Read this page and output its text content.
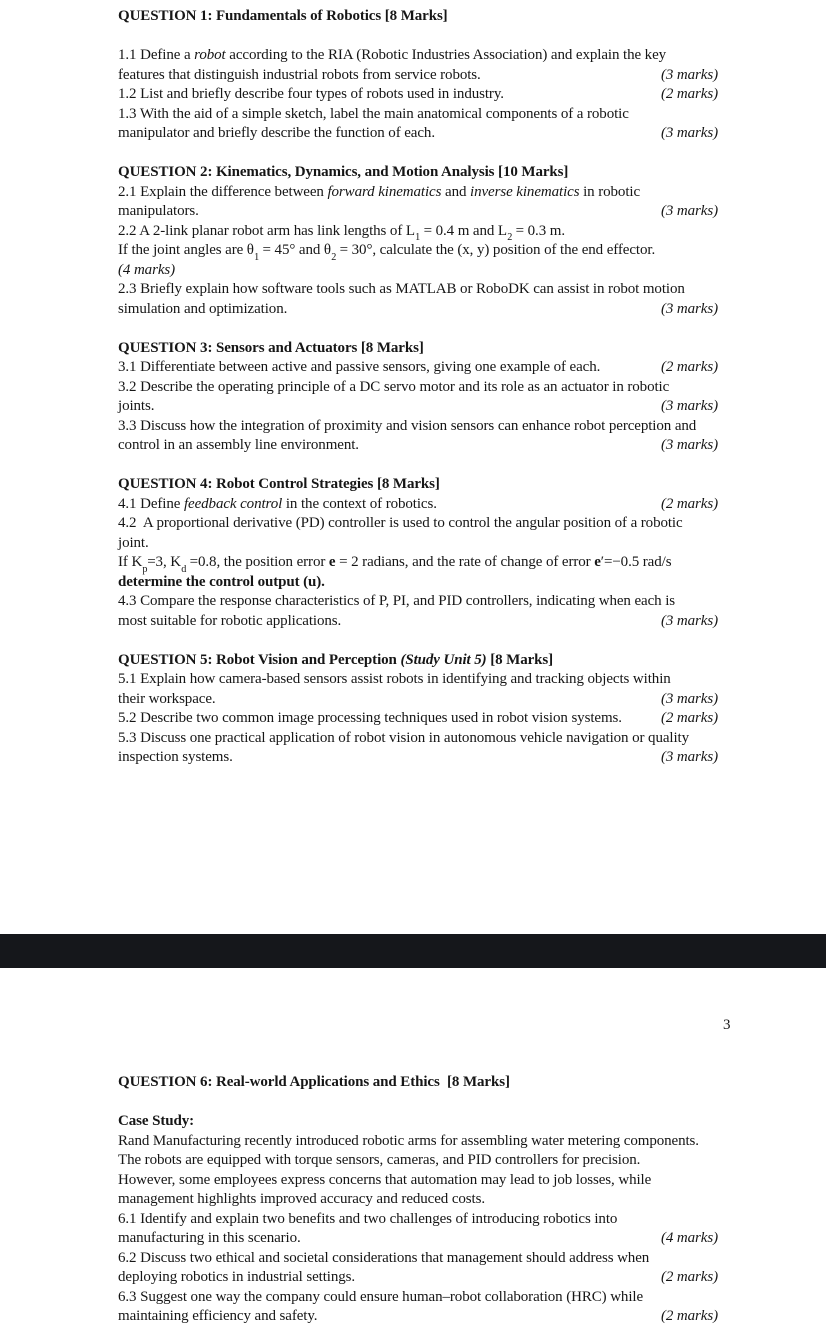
QUESTION 1: Fundamentals of Robotics [8 Marks]
1.1 Define a robot according to the RIA (Robotic Industries Association) and explain the key
features that distinguish industrial robots from service robots.	(3 marks)
1.2 List and briefly describe four types of robots used in industry.	(2 marks)
1.3 With the aid of a simple sketch, label the main anatomical components of a robotic
manipulator and briefly describe the function of each.	(3 marks)
QUESTION 2: Kinematics, Dynamics, and Motion Analysis [10 Marks]
2.1 Explain the difference between forward kinematics and inverse kinematics in robotic
manipulators.	(3 marks)
2.2 A 2-link planar robot arm has link lengths of $L_1 = 0.4$ m and $L_2 = 0.3$ m.
If the joint angles are $\theta_1 = 45^\circ$ and $\theta_2 = 30^\circ$, calculate the (x, y) position of the end effector.
(4 marks)
2.3 Briefly explain how software tools such as MATLAB or RoboDK can assist in robot motion
simulation and optimization.	(3 marks)
QUESTION 3: Sensors and Actuators [8 Marks]
3.1 Differentiate between active and passive sensors, giving one example of each.	(2 marks)
3.2 Describe the operating principle of a DC servo motor and its role as an actuator in robotic
joints.	(3 marks)
3.3 Discuss how the integration of proximity and vision sensors can enhance robot perception and
control in an assembly line environment.	(3 marks)
QUESTION 4: Robot Control Strategies [8 Marks]
4.1 Define feedback control in the context of robotics.	(2 marks)
4.2  A proportional derivative (PD) controller is used to control the angular position of a robotic
joint.
If $K_p=3$, $K_d =0.8$, the position error e = 2 radians, and the rate of change of error e′=−0.5 rad/s
determine the control output (u).
4.3 Compare the response characteristics of P, PI, and PID controllers, indicating when each is
most suitable for robotic applications.	(3 marks)
QUESTION 5: Robot Vision and Perception (Study Unit 5) [8 Marks]
5.1 Explain how camera-based sensors assist robots in identifying and tracking objects within
their workspace.	(3 marks)
5.2 Describe two common image processing techniques used in robot vision systems.	(2 marks)
5.3 Discuss one practical application of robot vision in autonomous vehicle navigation or quality
inspection systems.	(3 marks)
3
QUESTION 6: Real-world Applications and Ethics  [8 Marks]
Case Study:
Rand Manufacturing recently introduced robotic arms for assembling water metering components.
The robots are equipped with torque sensors, cameras, and PID controllers for precision.
However, some employees express concerns that automation may lead to job losses, while
management highlights improved accuracy and reduced costs.
6.1 Identify and explain two benefits and two challenges of introducing robotics into
manufacturing in this scenario.	(4 marks)
6.2 Discuss two ethical and societal considerations that management should address when
deploying robotics in industrial settings.	(2 marks)
6.3 Suggest one way the company could ensure human–robot collaboration (HRC) while
maintaining efficiency and safety.	(2 marks)
